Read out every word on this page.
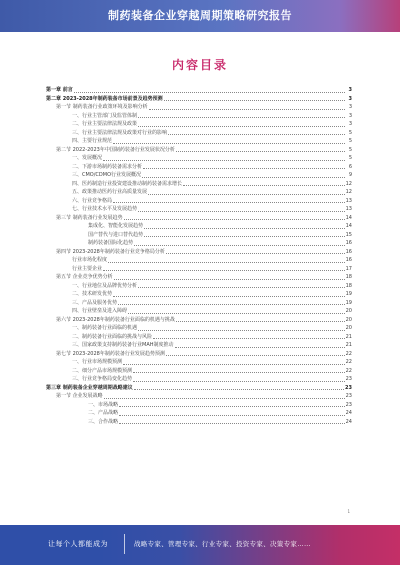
制药装备企业穿越周期策略研究报告
内容目录
第一章 前言	3
第二章 2023-2028年制药装备市场前景及趋势预测	3
第一节 制药装备行业政策环境及影响分析	3
一、行业主管部门及监管体制	3
二、行业主要法律法规及政策	3
三、行业主要法律法规及政策对行业的影响	5
四、主要行业规范	5
第二节 2022-2023年中国制药装备行业发展状况分析	5
一、发展概况	5
二、下游市场制药装备需求分析	6
三、CMO/CDMO行业发展概况	9
四、医药制造行业投资建设推动制药装备需求增长	12
五、政策推动医药行业高质量发展	12
六、行业竞争格局	13
七、行业技术水平及发展趋势	13
第三节 制药装备行业发展趋势	14
集成化、智能化发展趋势	14
国产替代与进口替代趋势	15
制药装备国际化趋势	16
第四节 2023-2028年制药装备行业竞争格局分析	16
行业市场化程度	16
行业主要企业	17
第五节 企业竞争优势分析	18
一、行业地位及品牌优势分析	18
二、技术研发优势	19
三、产品及服务优势	19
四、行业壁垒及进入障碍	20
第六节 2023-2028年制药装备行业面临的机遇与挑战	20
一、制药装备行业面临的机遇	20
二、制药装备行业面临的挑战与风险	21
三、国家政策支持制药装备行业MAH制度推动	21
第七节 2023-2028年制药装备行业发展趋势预测	22
一、行业市场规模预测	22
二、细分产品市场规模预测	22
三、行业竞争格局变化趋势	23
第三章 制药装备企业穿越周期战略建议	23
第一节 企业发展战略	23
一、市场战略	23
二、产品战略	24
三、合作战略	24
1
让每个人都能成为	战略专家、管理专家、行业专家、投资专家、决策专家……
